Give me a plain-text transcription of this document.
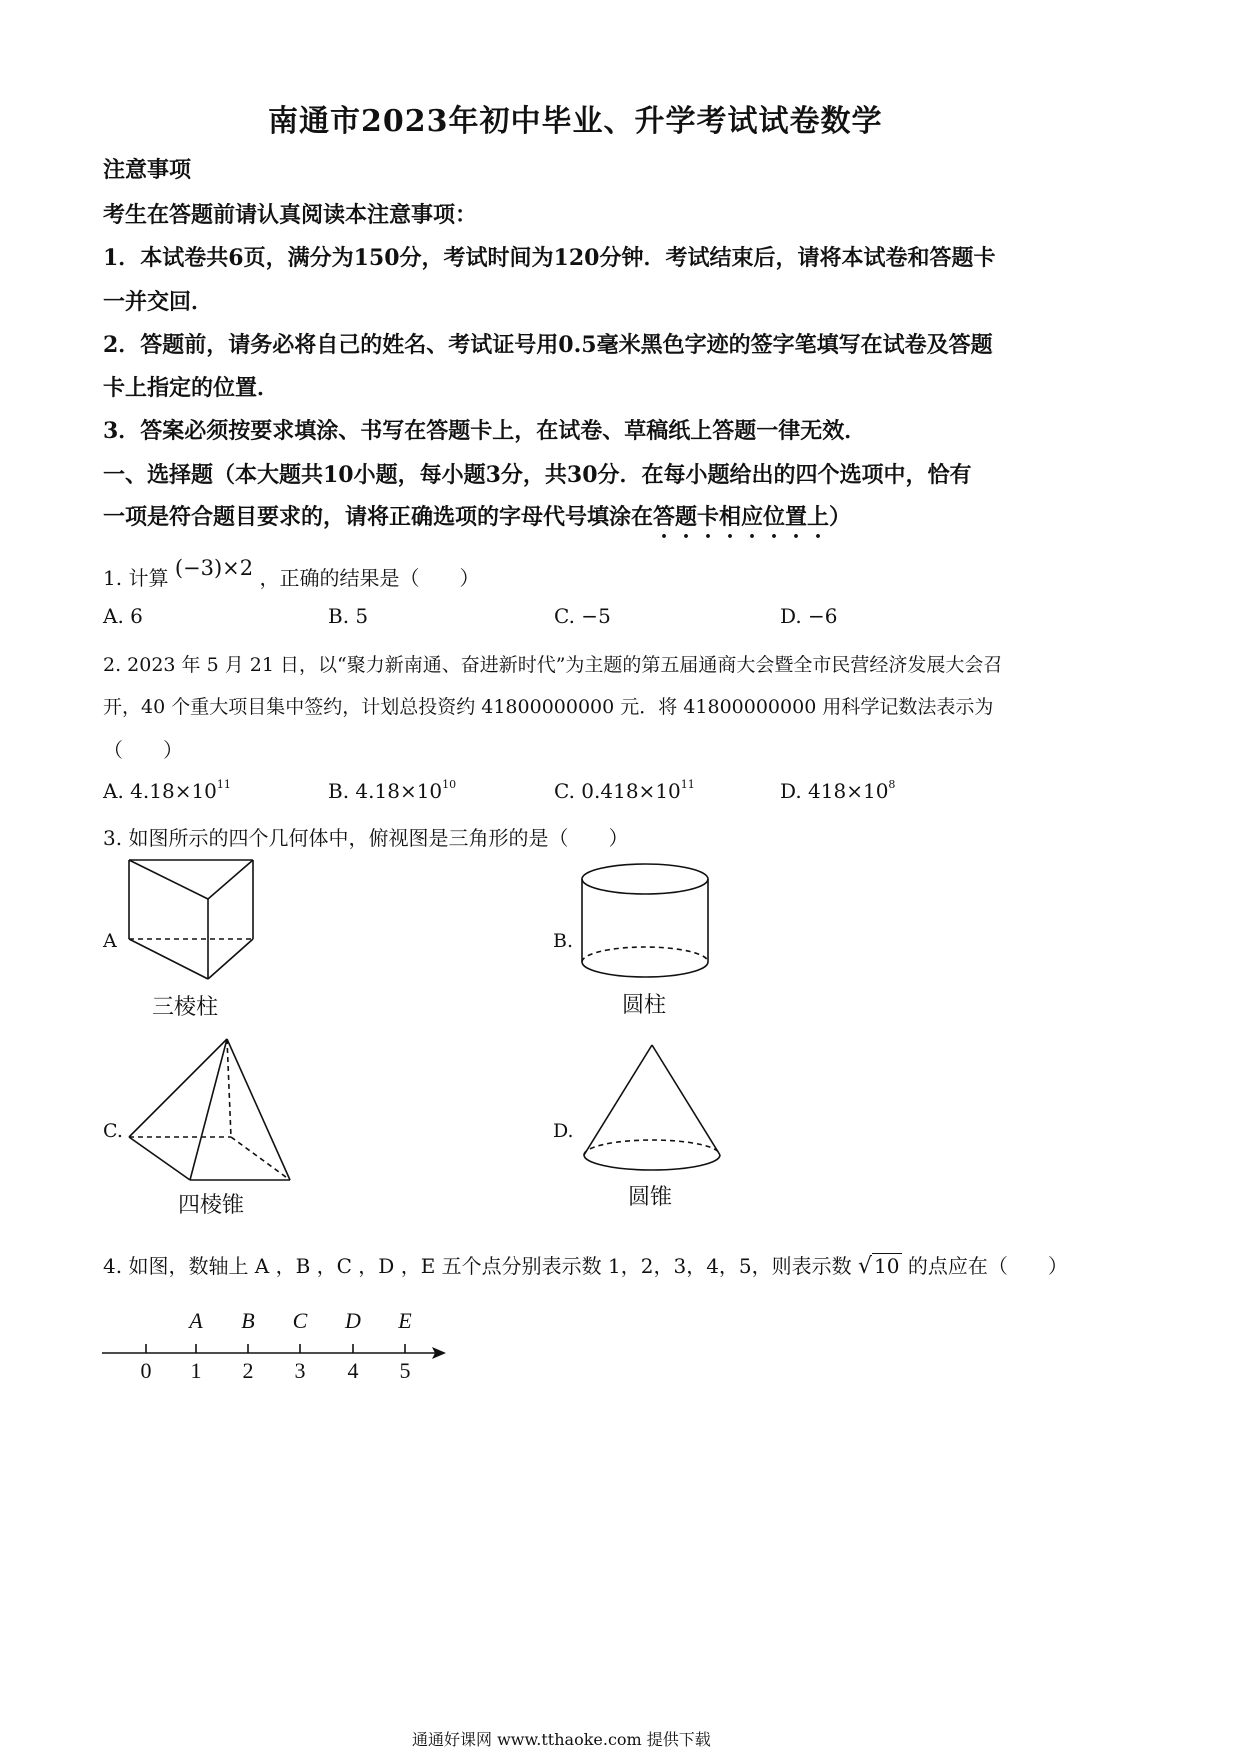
南通市2023年初中毕业、升学考试试卷数学
注意事项
考生在答题前请认真阅读本注意事项：
1．本试卷共6页，满分为150分，考试时间为120分钟．考试结束后，请将本试卷和答题卡
一并交回．
2．答题前，请务必将自己的姓名、考试证号用0.5毫米黑色字迹的签字笔填写在试卷及答题
卡上指定的位置．
3．答案必须按要求填涂、书写在答题卡上，在试卷、草稿纸上答题一律无效．
一、选择题（本大题共10小题，每小题3分，共30分．在每小题给出的四个选项中，恰有
一项是符合题目要求的，请将正确选项的字母代号填涂在答题卡相应位置上）
1. 计算 (−3)×2 ，正确的结果是（　　）
A. 6	B. 5	C. −5	D. −6
2. 2023 年 5 月 21 日，以“聚力新南通、奋进新时代”为主题的第五届通商大会暨全市民营经济发展大会召
开，40 个重大项目集中签约，计划总投资约 41800000000 元．将 41800000000 用科学记数法表示为
（　　）
A. $4.18\times 10^{11}$	B. $4.18\times 10^{10}$	C. $0.418\times 10^{11}$	D. $418\times 10^8$
3. 如图所示的四个几何体中，俯视图是三角形的是（　　）
A
三棱柱
B.
圆柱
C.
四棱锥
D.
圆锥
4. 如图，数轴上 A ，B ，C ，D ，E 五个点分别表示数 1，2，3，4，5，则表示数 √ 10 的点应在（　　）
A B C D E
0 1 2 3 4 5
通通好课网 www.tthaoke.com 提供下载
